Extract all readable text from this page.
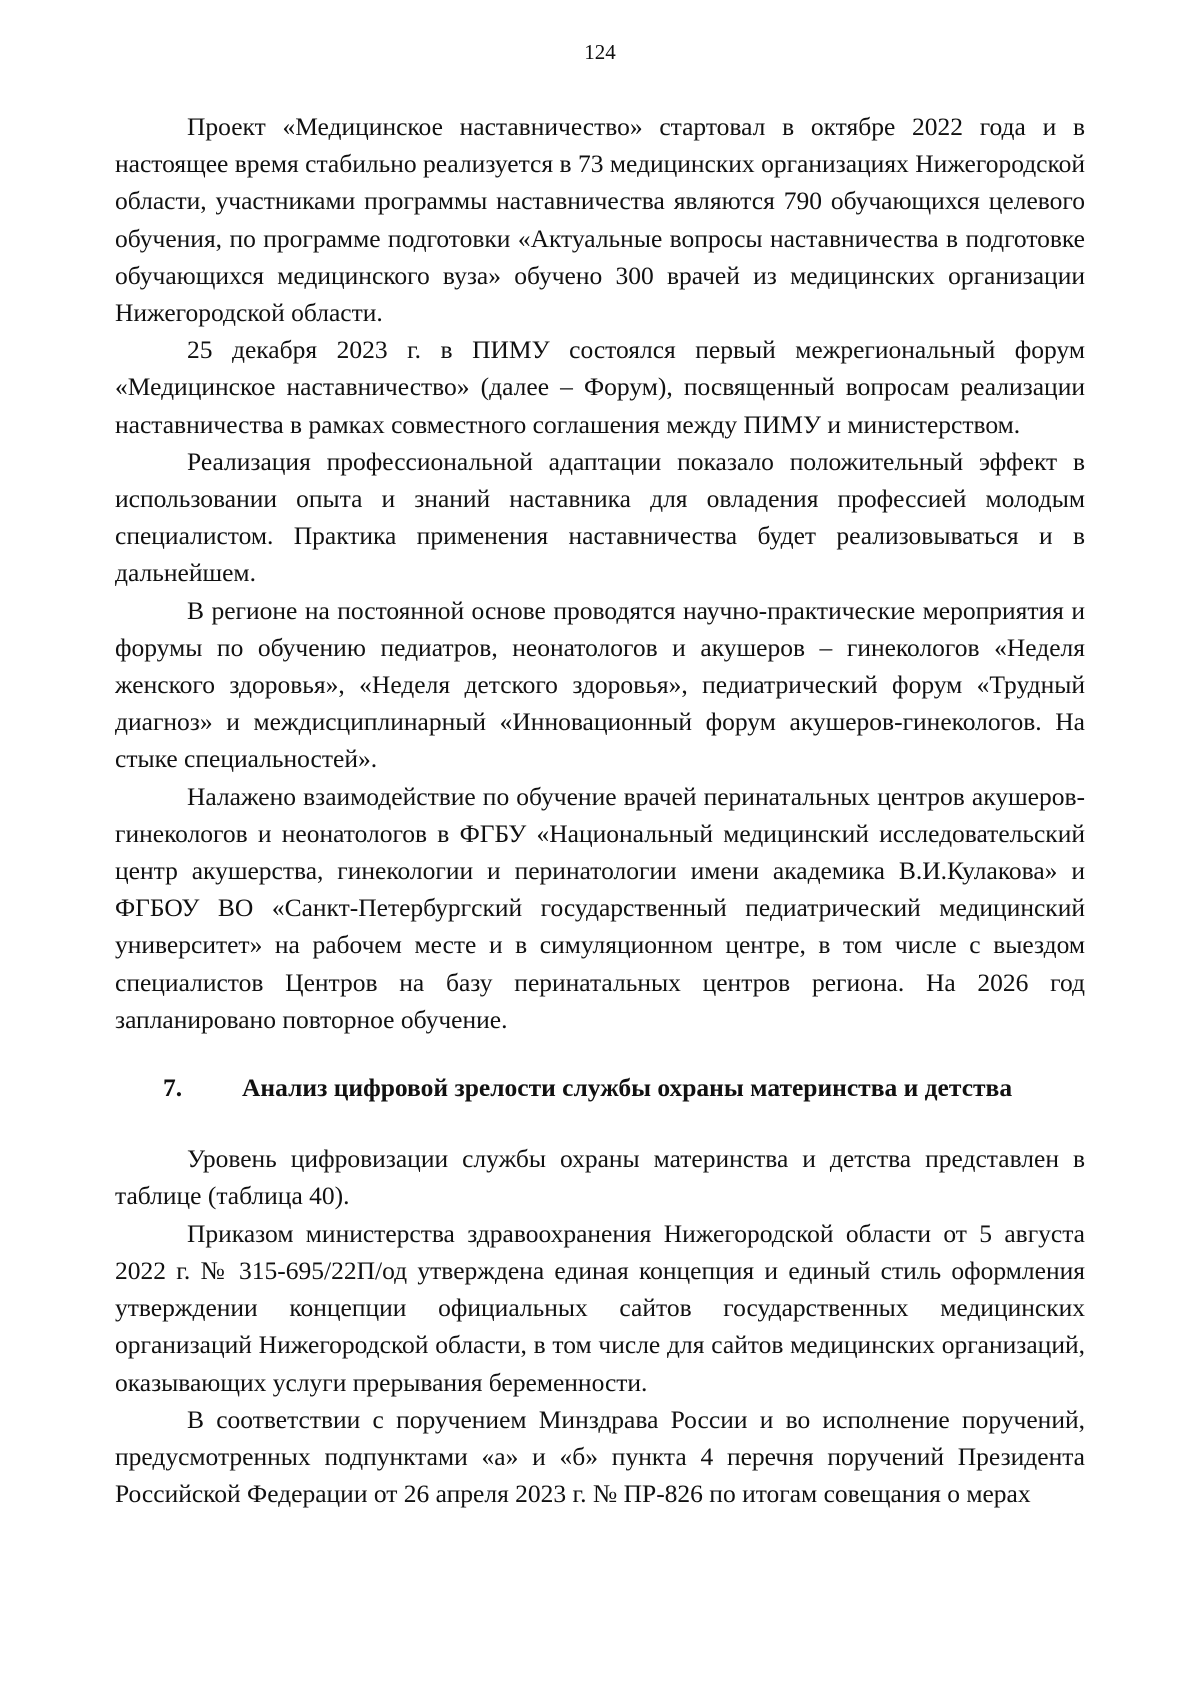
124

Проект «Медицинское наставничество» стартовал в октябре 2022 года и в настоящее время стабильно реализуется в 73 медицинских организациях Нижегородской области, участниками программы наставничества являются 790 обучающихся целевого обучения, по программе подготовки «Актуальные вопросы наставничества в подготовке обучающихся медицинского вуза» обучено 300 врачей из медицинских организации Нижегородской области.

25 декабря 2023 г. в ПИМУ состоялся первый межрегиональный форум «Медицинское наставничество» (далее – Форум), посвященный вопросам реализации наставничества в рамках совместного соглашения между ПИМУ и министерством.

Реализация профессиональной адаптации показало положительный эффект в использовании опыта и знаний наставника для овладения профессией молодым специалистом. Практика применения наставничества будет реализовываться и в дальнейшем.

В регионе на постоянной основе проводятся научно-практические мероприятия и форумы по обучению педиатров, неонатологов и акушеров – гинекологов «Неделя женского здоровья», «Неделя детского здоровья», педиатрический форум «Трудный диагноз» и междисциплинарный «Инновационный форум акушеров-гинекологов. На стыке специальностей».

Налажено взаимодействие по обучение врачей перинатальных центров акушеров-гинекологов и неонатологов в ФГБУ «Национальный медицинский исследовательский центр акушерства, гинекологии и перинатологии имени академика В.И.Кулакова» и ФГБОУ ВО «Санкт-Петербургский государственный педиатрический медицинский университет» на рабочем месте и в симуляционном центре, в том числе с выездом специалистов Центров на базу перинатальных центров региона. На 2026 год запланировано повторное обучение.

7.	Анализ цифровой зрелости службы охраны материнства и детства

Уровень цифровизации службы охраны материнства и детства представлен в таблице (таблица 40).

Приказом министерства здравоохранения Нижегородской области от 5 августа 2022 г. № 315-695/22П/од утверждена единая концепция и единый стиль оформления утверждении концепции официальных сайтов государственных медицинских организаций Нижегородской области, в том числе для сайтов медицинских организаций, оказывающих услуги прерывания беременности.

В соответствии с поручением Минздрава России и во исполнение поручений, предусмотренных подпунктами «а» и «б» пункта 4 перечня поручений Президента Российской Федерации от 26 апреля 2023 г. № ПР-826 по итогам совещания о мерах
